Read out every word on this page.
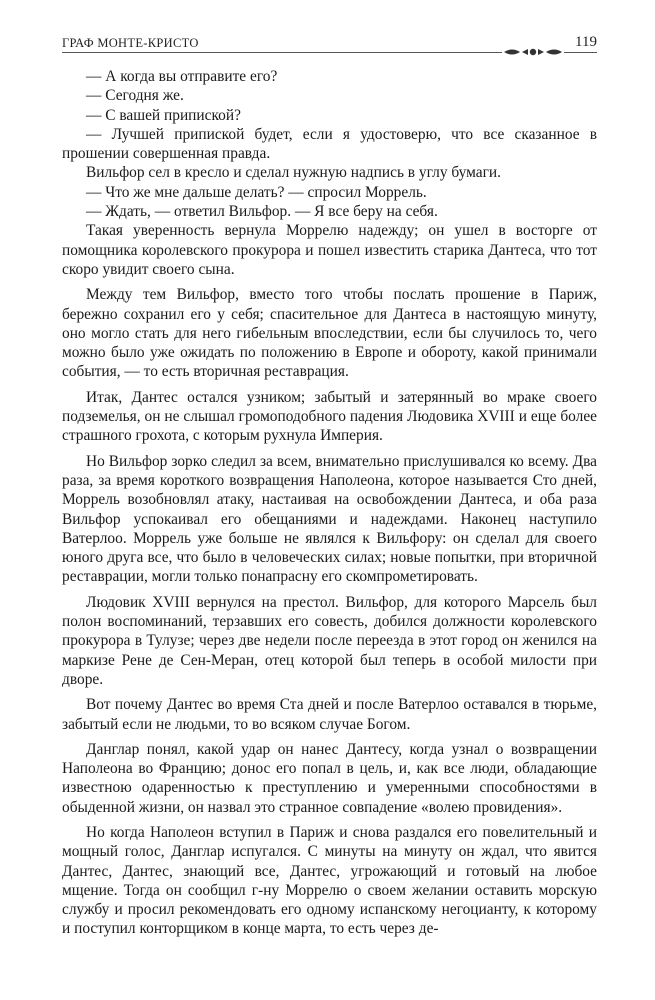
ГРАФ МОНТЕ-КРИСТО	119

— А когда вы отправите его?

— Сегодня же.

— С вашей припиской?

— Лучшей припиской будет, если я удостоверю, что все сказанное в прошении совершенная правда.

Вильфор сел в кресло и сделал нужную надпись в углу бумаги.

— Что же мне дальше делать? — спросил Моррель.

— Ждать, — ответил Вильфор. — Я все беру на себя.

Такая уверенность вернула Моррелю надежду; он ушел в восторге от помощника королевского прокурора и пошел известить старика Дантеса, что тот скоро увидит своего сына.

Между тем Вильфор, вместо того чтобы послать прошение в Париж, бережно сохранил его у себя; спасительное для Дантеса в настоящую минуту, оно могло стать для него гибельным впоследствии, если бы случилось то, чего можно было уже ожидать по положению в Европе и обороту, какой принимали события, — то есть вторичная реставрация.

Итак, Дантес остался узником; забытый и затерянный во мраке своего подземелья, он не слышал громоподобного падения Людовика XVIII и еще более страшного грохота, с которым рухнула Империя.

Но Вильфор зорко следил за всем, внимательно прислушивался ко всему. Два раза, за время короткого возвращения Наполеона, которое называется Сто дней, Моррель возобновлял атаку, настаивая на освобождении Дантеса, и оба раза Вильфор успокаивал его обещаниями и надеждами. Наконец наступило Ватерлоо. Моррель уже больше не являлся к Вильфору: он сделал для своего юного друга все, что было в человеческих силах; новые попытки, при вторичной реставрации, могли только понапрасну его скомпрометировать.

Людовик XVIII вернулся на престол. Вильфор, для которого Марсель был полон воспоминаний, терзавших его совесть, добился должности королевского прокурора в Тулузе; через две недели после переезда в этот город он женился на маркизе Рене де Сен-Меран, отец которой был теперь в особой милости при дворе.

Вот почему Дантес во время Ста дней и после Ватерлоо оставался в тюрьме, забытый если не людьми, то во всяком случае Богом.

Данглар понял, какой удар он нанес Дантесу, когда узнал о возвращении Наполеона во Францию; донос его попал в цель, и, как все люди, обладающие известною одаренностью к преступлению и умеренными способностями в обыденной жизни, он назвал это странное совпадение «волею провидения».

Но когда Наполеон вступил в Париж и снова раздался его повелительный и мощный голос, Данглар испугался. С минуты на минуту он ждал, что явится Дантес, Дантес, знающий все, Дантес, угрожающий и готовый на любое мщение. Тогда он сообщил г-ну Моррелю о своем желании оставить морскую службу и просил рекомендовать его одному испанскому негоцианту, к которому и поступил конторщиком в конце марта, то есть через де-
